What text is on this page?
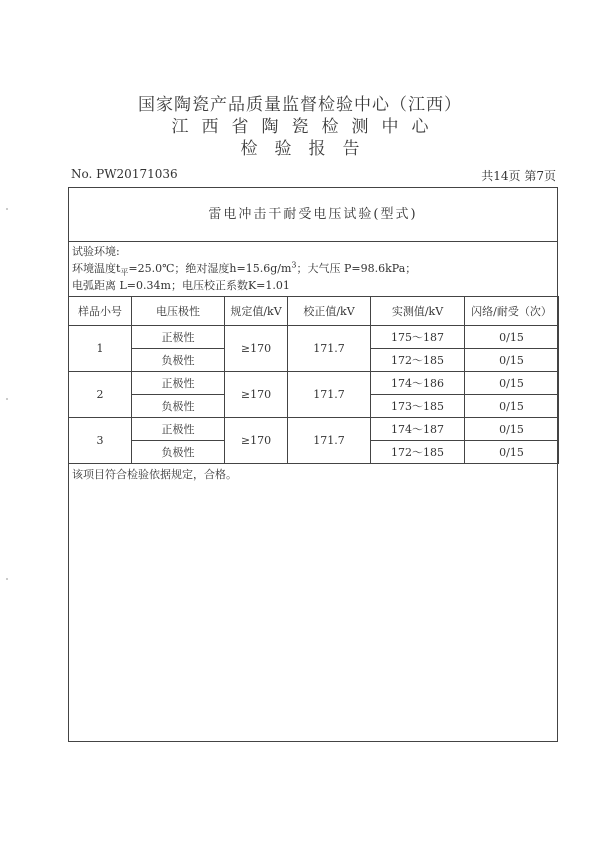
国家陶瓷产品质量监督检验中心（江西）
江西省陶瓷检测中心
检验报告
No. PW20171036	共14页 第7页
雷电冲击干耐受电压试验(型式)
试验环境:
环境温度$t_平=25.0℃$；绝对湿度$h=15.6g/m^3$；大气压 P=98.6kPa；
电弧距离 L=0.34m；电压校正系数K=1.01
样品小号	电压极性	规定值/kV	校正值/kV	实测值/kV	闪络/耐受（次）
1	正极性	≥170	171.7	175～187	0/15
	负极性			172～185	0/15
2	正极性	≥170	171.7	174～186	0/15
	负极性			173～185	0/15
3	正极性	≥170	171.7	174～187	0/15
	负极性			172～185	0/15
该项目符合检验依据规定，合格。
